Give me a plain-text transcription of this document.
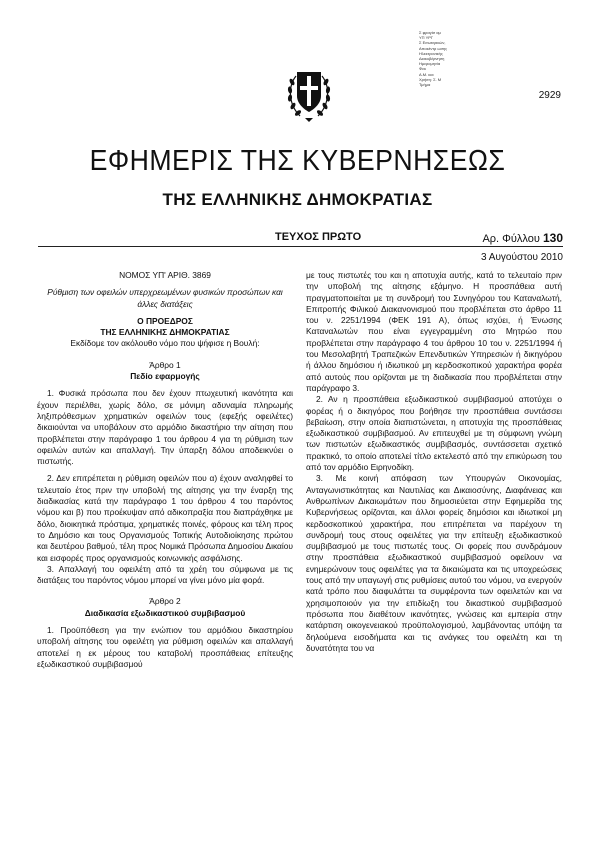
Σ φραγίσ αμ
ΥΠ ΥΡΓ
Σ Εσωτερικών,
Αποκέντρ ωσης
Ηλεκτρονικής
Διακυβέρνηση
Ημερομηνία
Φεκ
Α.Μ. και
Χρήση: Σ. Μ
Τμήμα
2929
ΕΦΗΜΕΡΙΣ ΤΗΣ ΚΥΒΕΡΝΗΣΕΩΣ
ΤΗΣ ΕΛΛΗΝΙΚΗΣ ΔΗΜΟΚΡΑΤΙΑΣ
ΤΕΥΧΟΣ ΠΡΩΤΟ	Αρ. Φύλλου 130
3 Αυγούστου 2010

ΝΟΜΟΣ ΥΠ' ΑΡΙΘ. 3869

Ρύθμιση των οφειλών υπερχρεωμένων φυσικών προσώπων και άλλες διατάξεις

Ο ΠΡΟΕΔΡΟΣ

ΤΗΣ ΕΛΛΗΝΙΚΗΣ ΔΗΜΟΚΡΑΤΙΑΣ

Εκδίδομε τον ακόλουθο νόμο που ψήφισε η Βουλή:

Άρθρο 1

Πεδίο εφαρμογής

1. Φυσικά πρόσωπα που δεν έχουν πτωχευτική ικανότητα και έχουν περιέλθει, χωρίς δόλο, σε μόνιμη αδυναμία πληρωμής ληξιπρόθεσμων χρηματικών οφειλών τους (εφεξής οφειλέτες) δικαιούνται να υποβάλουν στο αρμόδιο δικαστήριο την αίτηση που προβλέπεται στην παράγραφο 1 του άρθρου 4 για τη ρύθμιση των οφειλών αυτών και απαλλαγή. Την ύπαρξη δόλου αποδεικνύει ο πιστωτής.

2. Δεν επιτρέπεται η ρύθμιση οφειλών που α) έχουν αναληφθεί το τελευταίο έτος πριν την υποβολή της αίτησης για την έναρξη της διαδικασίας κατά την παράγραφο 1 του άρθρου 4 του παρόντος νόμου και β) που προέκυψαν από αδικοπραξία που διαπράχθηκε με δόλο, διοικητικά πρόστιμα, χρηματικές ποινές, φόρους και τέλη προς το Δημόσιο και τους Οργανισμούς Τοπικής Αυτοδιοίκησης πρώτου και δευτέρου βαθμού, τέλη προς Νομικά Πρόσωπα Δημοσίου Δικαίου και εισφορές προς οργανισμούς κοινωνικής ασφάλισης.

3. Απαλλαγή του οφειλέτη από τα χρέη του σύμφωνα με τις διατάξεις του παρόντος νόμου μπορεί να γίνει μόνο μία φορά.

Άρθρο 2

Διαδικασία εξωδικαστικού συμβιβασμού

1. Προϋπόθεση για την ενώπιον του αρμόδιου δικαστηρίου υποβολή αίτησης του οφειλέτη για ρύθμιση οφειλών και απαλλαγή αποτελεί η εκ μέρους του καταβολή προσπάθειας επίτευξης εξωδικαστικού συμβιβασμού

με τους πιστωτές του και η αποτυχία αυτής, κατά το τελευταίο πριν την υποβολή της αίτησης εξάμηνο. Η προσπάθεια αυτή πραγματοποιείται με τη συνδρομή του Συνηγόρου του Καταναλωτή, Επιτροπής Φιλικού Διακανονισμού που προβλέπεται στο άρθρο 11 του ν. 2251/1994 (ΦΕΚ 191 Α), όπως ισχύει, ή Ένωσης Καταναλωτών που είναι εγγεγραμμένη στο Μητρώο που προβλέπεται στην παράγραφο 4 του άρθρου 10 του ν. 2251/1994 ή του Μεσολαβητή Τραπεζικών Επενδυτικών Υπηρεσιών ή δικηγόρου ή άλλου δημόσιου ή ιδιωτικού μη κερδοσκοπικού χαρακτήρα φορέα από αυτούς που ορίζονται με τη διαδικασία που προβλέπεται στην παράγραφο 3.

2. Αν η προσπάθεια εξωδικαστικού συμβιβασμού αποτύχει ο φορέας ή ο δικηγόρος που βοήθησε την προσπάθεια συντάσσει βεβαίωση, στην οποία διαπιστώνεται, η αποτυχία της προσπάθειας εξωδικαστικού συμβιβασμού. Αν επιτευχθεί με τη σύμφωνη γνώμη των πιστωτών εξωδικαστικός συμβιβασμός, συντάσσεται σχετικό πρακτικό, το οποίο αποτελεί τίτλο εκτελεστό από την επικύρωση του από τον αρμόδιο Ειρηνοδίκη.

3. Με κοινή απόφαση των Υπουργών Οικονομίας, Ανταγωνιστικότητας και Ναυτιλίας και Δικαιοσύνης, Διαφάνειας και Ανθρωπίνων Δικαιωμάτων που δημοσιεύεται στην Εφημερίδα της Κυβερνήσεως ορίζονται, και άλλοι φορείς δημόσιοι και ιδιωτικοί μη κερδοσκοπικού χαρακτήρα, που επιτρέπεται να παρέχουν τη συνδρομή τους στους οφειλέτες για την επίτευξη εξωδικαστικού συμβιβασμού με τους πιστωτές τους. Οι φορείς που συνδράμουν στην προσπάθεια εξωδικαστικού συμβιβασμού οφείλουν να ενημερώνουν τους οφειλέτες για τα δικαιώματα και τις υποχρεώσεις τους από την υπαγωγή στις ρυθμίσεις αυτού του νόμου, να ενεργούν κατά τρόπο που διαφυλάττει τα συμφέροντα των οφειλετών και να χρησιμοποιούν για την επιδίωξη του δικαστικού συμβιβασμού πρόσωπα που διαθέτουν ικανότητες, γνώσεις και εμπειρία στην κατάρτιση οικογενειακού προϋπολογισμού, λαμβάνοντας υπόψη τα δηλούμενα εισοδήματα και τις ανάγκες του οφειλέτη και τη δυνατότητα του να
